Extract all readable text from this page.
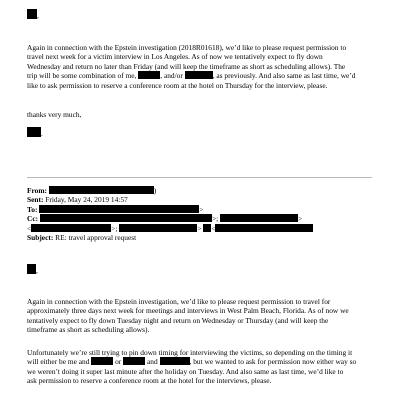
,
Again in connection with the Epstein investigation (2018R01618), we’d like to please request permission to
travel next week for a victim interview in Los Angeles. As of now we tentatively expect to fly down
Wednesday and return no later than Friday (and will keep the timeframe as short as scheduling allows). The
trip will be some combination of me,	, and/or	, as previously. And also same as last time, we’d
like to ask permission to reserve a conference room at the hotel on Thursday for the interview, please.
thanks very much,
.
From:	)
Sent: Friday, May 24, 2019 14:57
To:	>
Cc:	>;	>
<	>;	> <
Subject: RE: travel approval request
,
Again in connection with the Epstein investigation, we’d like to please request permission to travel for
approximately three days next week for meetings and interviews in West Palm Beach, Florida. As of now we
tentatively expect to fly down Tuesday night and return on Wednesday or Thursday (and will keep the
timeframe as short as scheduling allows).
Unfortunately we’re still trying to pin down timing for interviewing the victims, so depending on the timing it
will either be me and	or	and	, but we wanted to ask for permission now either way so
we weren’t doing it super last minute after the holiday on Tuesday. And also same as last time, we’d like to
ask permission to reserve a conference room at the hotel for the interviews, please.
